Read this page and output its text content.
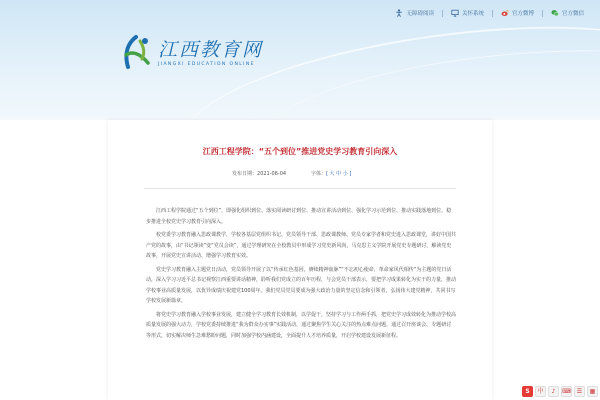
无障碍阅读	关怀系统	官方微博	官方微信
江西教育网
JIANGXI EDUCATION ONLINE
江西工程学院：“五个到位”推进党史学习教育引向深入
发布日期：2021-06-04	字体：[ 大 中 小 ]

江西工程学院通过“五个到位”，即强化组织到位、落实阅读研讨到位、推动宣讲活动到位、强化学习示范到位、推动实践落地到位，稳步推进全校党史学习教育引向深入。

校党委学习教育融入思政课教学，学校各基层党组织书记、党员领导干部、思政课教师、党员专家学者和党史进入思政课堂，讲好中国共产党的故事，由“书记领读”变“党员会读”，通过学理研究在全校教员中形成学习党史新风尚，马克思主义学院开展党史专题研讨，解读党史故事，开展党史宣讲活动、增强学习教育实效。

党史学习教育融入主题党日活动，党员领导开展了以“传承红色基因，赓续精神血脉”“不忘初心使命，革命家风代相传”为主题的党日活动，深入学习习近平总书记视察江西重要讲话精神，聆听我们党成立的百年历程，与会党员干部表示，要把学习成果转化为实干的力量，推动学校事业高质量发展，以优异成绩庆祝建党100周年。我们党员党员要成为强大政治力量的坚定信念和引领者，弘扬伟大建党精神，共同书写学校发展新篇章。

将党史学习教育融入学校事业发展，建立健全学习教育长效机制，以学促干，坚持学习与工作两手抓，把党史学习成效转化为推动学校高质量发展的强大动力，学校党委持续推进“我为群众办实事”实践活动，通过聚焦学生关心关注的热点难点问题，通过召开座谈会、专题研讨等形式，切实解决师生急难愁盼问题，同时加强学校内涵建设，全面提升人才培养质量，开启学校建设发展新征程。

S	中	♪	⌨ ☰	▦
